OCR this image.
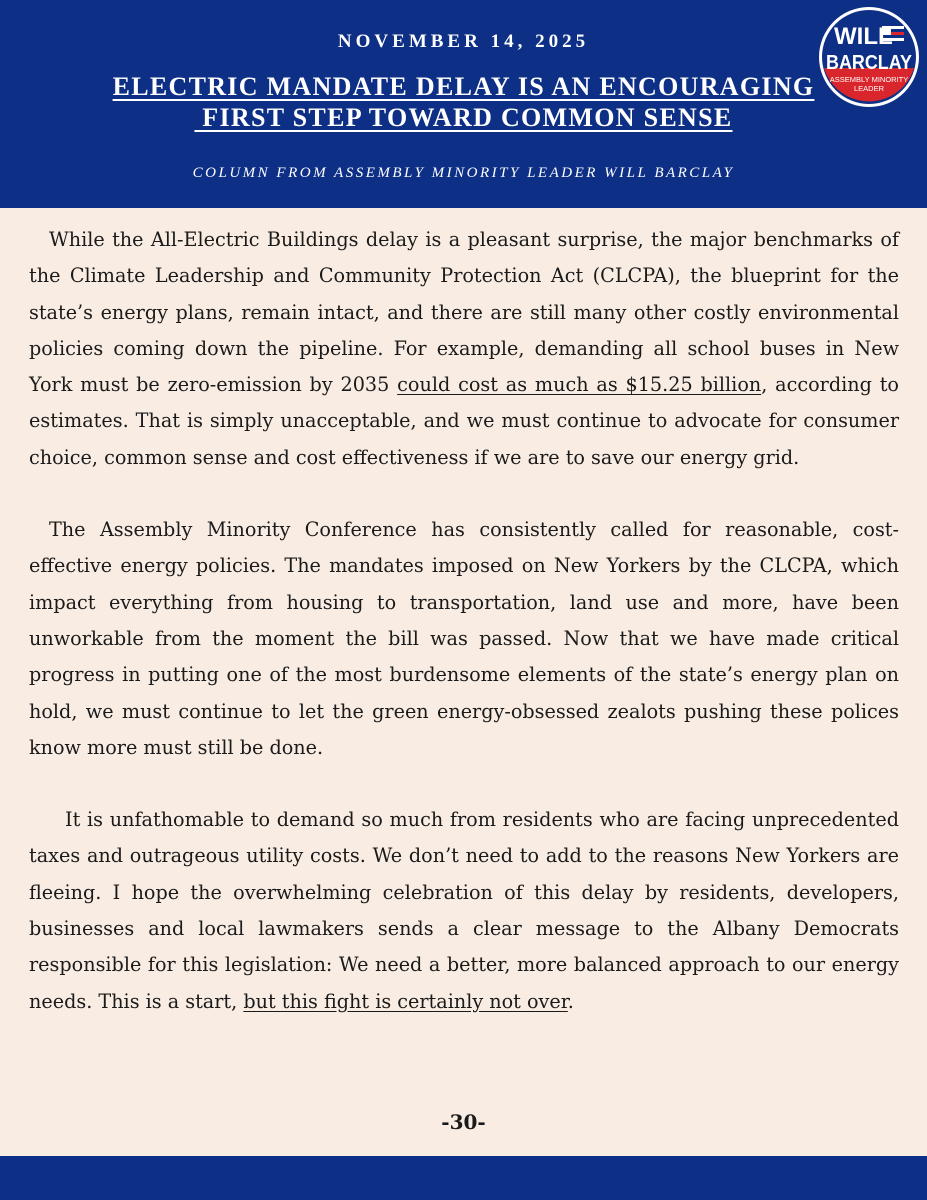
NOVEMBER 14, 2025
ELECTRIC MANDATE DELAY IS AN ENCOURAGING
FIRST STEP TOWARD COMMON SENSE
COLUMN FROM ASSEMBLY MINORITY LEADER WILL BARCLAY
WILL
BARCLAY
ASSEMBLY MINORITY
LEADER

While the All-Electric Buildings delay is a pleasant surprise, the major benchmarks of the Climate Leadership and Community Protection Act (CLCPA), the blueprint for the state’s energy plans, remain intact, and there are still many other costly environmental policies coming down the pipeline. For example, demanding all school buses in New York must be zero-emission by 2035 could cost as much as $15.25 billion, according to estimates. That is simply unacceptable, and we must continue to advocate for consumer choice, common sense and cost effectiveness if we are to save our energy grid.

The Assembly Minority Conference has consistently called for reasonable, cost-effective energy policies. The mandates imposed on New Yorkers by the CLCPA, which impact everything from housing to transportation, land use and more, have been unworkable from the moment the bill was passed. Now that we have made critical progress in putting one of the most burdensome elements of the state’s energy plan on hold, we must continue to let the green energy-obsessed zealots pushing these polices know more must still be done.

It is unfathomable to demand so much from residents who are facing unprecedented taxes and outrageous utility costs. We don’t need to add to the reasons New Yorkers are fleeing. I hope the overwhelming celebration of this delay by residents, developers, businesses and local lawmakers sends a clear message to the Albany Democrats responsible for this legislation: We need a better, more balanced approach to our energy needs. This is a start, but this fight is certainly not over.

-30-
